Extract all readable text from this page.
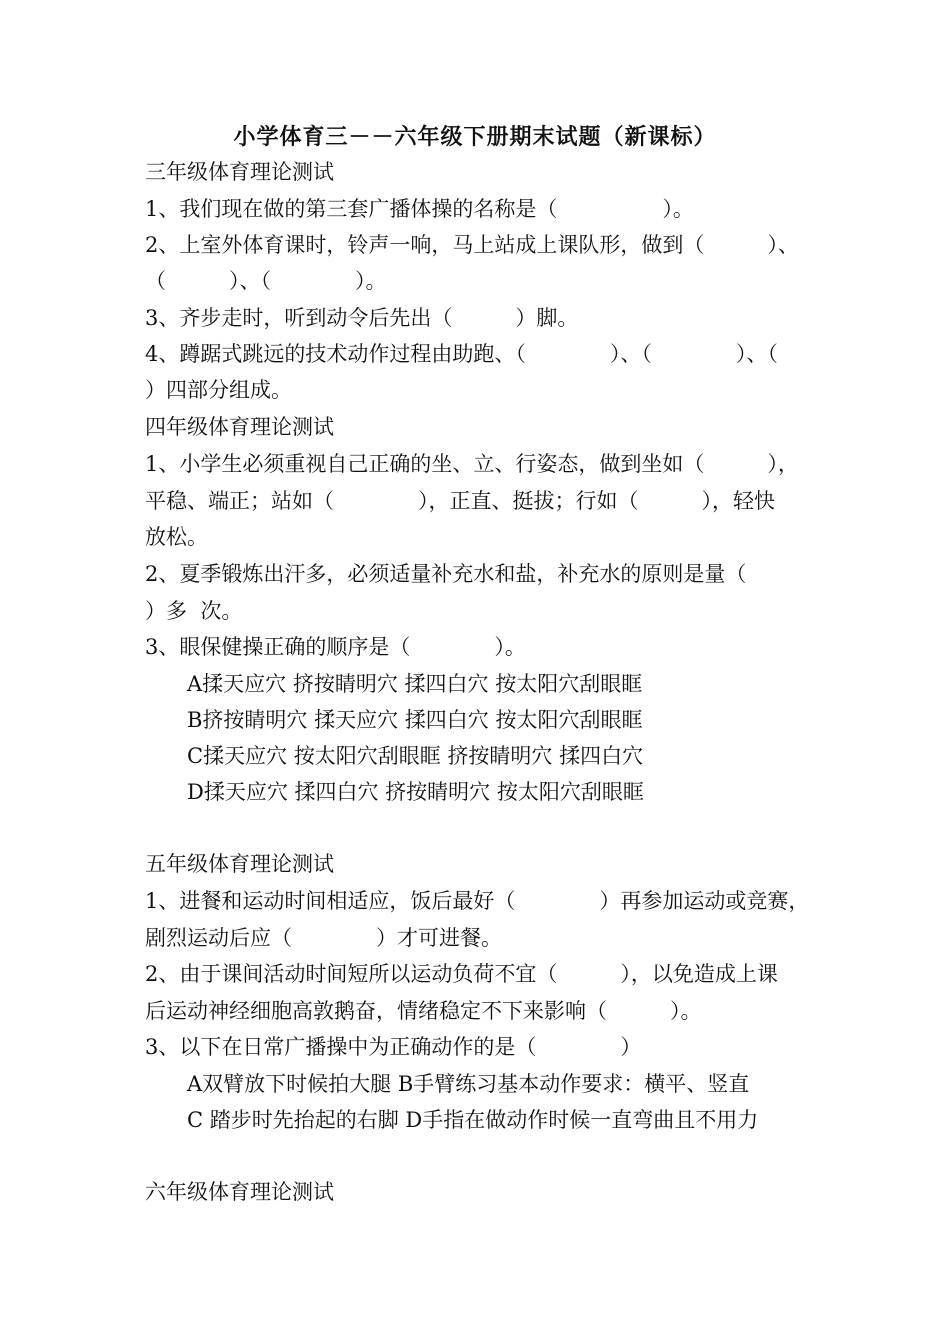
小学体育三－－六年级下册期末试题（新课标）
三年级体育理论测试
1、我们现在做的第三套广播体操的名称是（　　　　　）。
2、上室外体育课时，铃声一响，马上站成上课队形，做到（　　　）、
（　　　）、（　　　　）。
3、齐步走时，听到动令后先出（　　　）脚。
4、蹲踞式跳远的技术动作过程由助跑、（　　　　）、（　　　　）、（
）四部分组成。
四年级体育理论测试
1、小学生必须重视自己正确的坐、立、行姿态，做到坐如（　　　），
平稳、端正；站如（　　　　），正直、挺拔；行如（　　　），轻快
放松。
2、夏季锻炼出汗多，必须适量补充水和盐，补充水的原则是量（
）多  次。
3、眼保健操正确的顺序是（　　　　）。
A揉天应穴 挤按睛明穴 揉四白穴 按太阳穴刮眼眶
B挤按睛明穴 揉天应穴 揉四白穴 按太阳穴刮眼眶
C揉天应穴 按太阳穴刮眼眶 挤按睛明穴 揉四白穴
D揉天应穴 揉四白穴 挤按睛明穴 按太阳穴刮眼眶
五年级体育理论测试
1、进餐和运动时间相适应，饭后最好（　　　　）再参加运动或竞赛，
剧烈运动后应（　　　　）才可进餐。
2、由于课间活动时间短所以运动负荷不宜（　　　），以免造成上课
后运动神经细胞高敦鹅奋，情绪稳定不下来影响（　　　）。
3、以下在日常广播操中为正确动作的是（　　　　）
A双臂放下时候拍大腿 B手臂练习基本动作要求：横平、竖直
C 踏步时先抬起的右脚 D手指在做动作时候一直弯曲且不用力
六年级体育理论测试
